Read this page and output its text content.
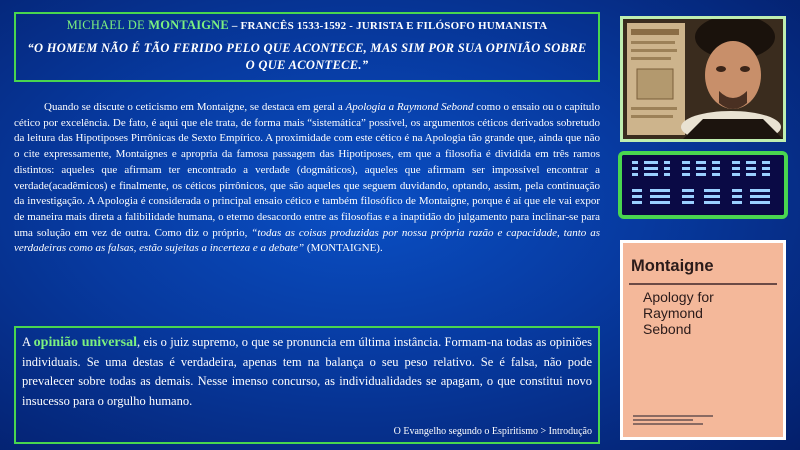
MICHAEL DE MONTAIGNE – FRANCÊS 1533-1592 - JURISTA E FILÓSOFO HUMANISTA
“O HOMEM NÃO É TÃO FERIDO PELO QUE ACONTECE, MAS SIM POR SUA OPINIÃO SOBRE O QUE ACONTECE.”

Quando se discute o ceticismo em Montaigne, se destaca em geral a Apologia a Raymond Sebond como o ensaio ou o capítulo cético por excelência. De fato, é aqui que ele trata, de forma mais “sistemática” possível, os argumentos céticos derivados sobretudo da leitura das Hipotiposes Pirrônicas de Sexto Empírico. A proximidade com este cético é na Apologia tão grande que, ainda que não o cite expressamente, Montaignes e apropria da famosa passagem das Hipotiposes, em que a filosofia é dividida em três ramos distintos: aqueles que afirmam ter encontrado a verdade (dogmáticos), aqueles que afirmam ser impossível encontrar a verdade(acadêmicos) e finalmente, os céticos pirrônicos, que são aqueles que seguem duvidando, optando, assim, pela continuação da investigação. A Apologia é considerada o principal ensaio cético e também filosófico de Montaigne, porque é aí que ele vai expor de maneira mais direta a falibilidade humana, o eterno desacordo entre as filosofias e a inaptidão do julgamento para inclinar-se para uma solução em vez de outra. Como diz o próprio, “todas as coisas produzidas por nossa própria razão e capacidade, tanto as verdadeiras como as falsas, estão sujeitas a incerteza e a debate” (MONTAIGNE).

A opinião universal, eis o juiz supremo, o que se pronuncia em última instância. Formam-na todas as opiniões individuais. Se uma destas é verdadeira, apenas tem na balança o seu peso relativo. Se é falsa, não pode prevalecer sobre todas as demais. Nesse imenso concurso, as individualidades se apagam, o que constitui novo insucesso para o orgulho humano.

O Evangelho segundo o Espiritismo > Introdução
Montaigne
Apology for
Raymond
Sebond
